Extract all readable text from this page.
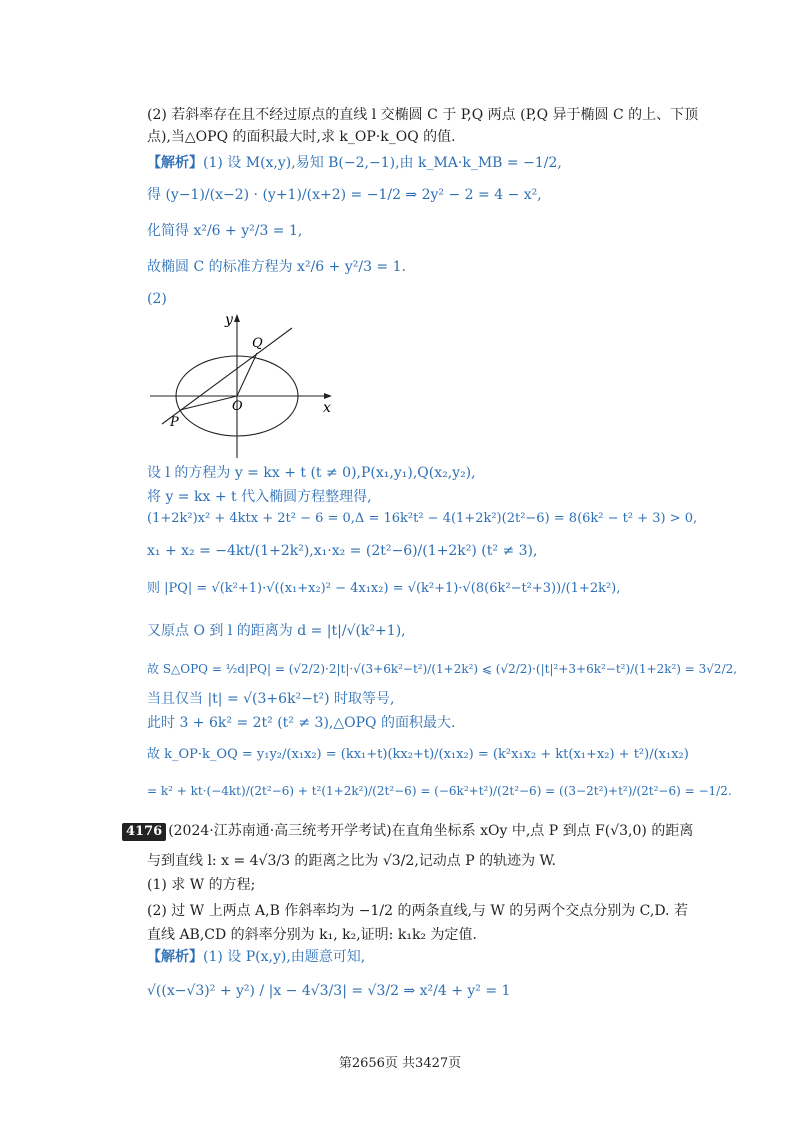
(2) 若斜率存在且不经过原点的直线 l 交椭圆 C 于 P,Q 两点 (P,Q 异于椭圆 C 的上、下顶
点),当△OPQ 的面积最大时,求 k_OP·k_OQ 的值.
【解析】(1) 设 M(x,y),易知 B(−2,−1),由 k_MA·k_MB = −1/2,
得 (y−1)/(x−2) · (y+1)/(x+2) = −1/2 ⇒ 2y² − 2 = 4 − x²,
化简得 x²/6 + y²/3 = 1,
故椭圆 C 的标准方程为 x²/6 + y²/3 = 1.
(2)
y
x
O
P
Q
设 l 的方程为 y = kx + t (t ≠ 0),P(x₁,y₁),Q(x₂,y₂),
将 y = kx + t 代入椭圆方程整理得,
(1+2k²)x² + 4ktx + 2t² − 6 = 0,Δ = 16k²t² − 4(1+2k²)(2t²−6) = 8(6k² − t² + 3) > 0,
x₁ + x₂ = −4kt/(1+2k²),x₁·x₂ = (2t²−6)/(1+2k²) (t² ≠ 3),
则 |PQ| = √(k²+1)·√((x₁+x₂)² − 4x₁x₂) = √(k²+1)·√(8(6k²−t²+3))/(1+2k²),
又原点 O 到 l 的距离为 d = |t|/√(k²+1),
故 S△OPQ = ½d|PQ| = (√2/2)·2|t|·√(3+6k²−t²)/(1+2k²) ⩽ (√2/2)·(|t|²+3+6k²−t²)/(1+2k²) = 3√2/2,
当且仅当 |t| = √(3+6k²−t²) 时取等号,
此时 3 + 6k² = 2t² (t² ≠ 3),△OPQ 的面积最大.
故 k_OP·k_OQ = y₁y₂/(x₁x₂) = (kx₁+t)(kx₂+t)/(x₁x₂) = (k²x₁x₂ + kt(x₁+x₂) + t²)/(x₁x₂)
= k² + kt·(−4kt)/(2t²−6) + t²(1+2k²)/(2t²−6) = (−6k²+t²)/(2t²−6) = ((3−2t²)+t²)/(2t²−6) = −1/2.
4176 (2024·江苏南通·高三统考开学考试)在直角坐标系 xOy 中,点 P 到点 F(√3,0) 的距离
与到直线 l: x = 4√3/3 的距离之比为 √3/2,记动点 P 的轨迹为 W.
(1) 求 W 的方程;
(2) 过 W 上两点 A,B 作斜率均为 −1/2 的两条直线,与 W 的另两个交点分别为 C,D. 若
直线 AB,CD 的斜率分别为 k₁, k₂,证明: k₁k₂ 为定值.
【解析】(1) 设 P(x,y),由题意可知,
√((x−√3)² + y²) / |x − 4√3/3| = √3/2 ⇒ x²/4 + y² = 1
第2656页 共3427页
